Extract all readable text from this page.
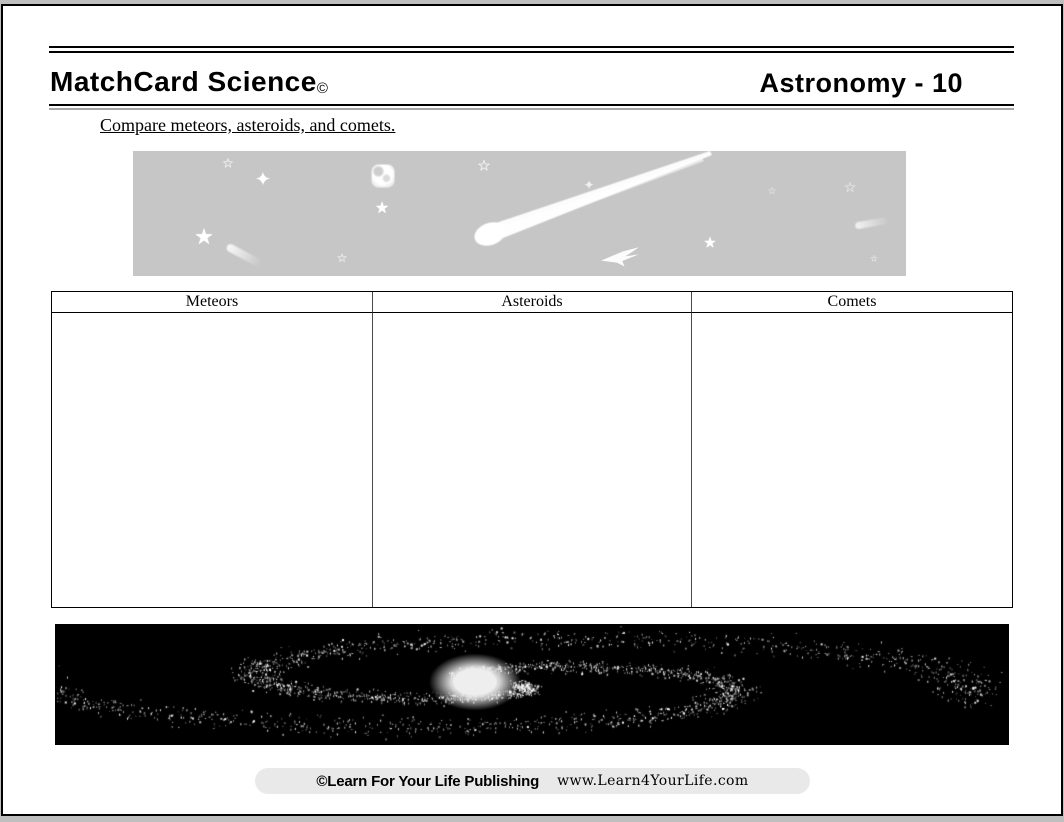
MatchCard Science©	Astronomy - 10
Compare meteors, asteroids, and comets.
☆
✦
★
☆
★
☆
✦
★
☆	☆
☆
Meteors	Asteroids	Comets
©Learn For Your Life Publishing www.Learn4YourLife.com
